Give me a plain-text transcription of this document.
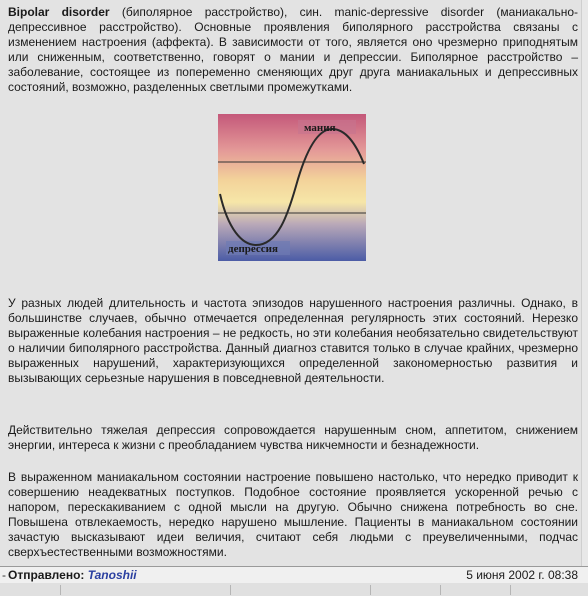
Bipolar disorder (биполярное расстройство), син. manic-depressive disorder (маниакально-депрессивное расстройство). Основные проявления биполярного расстройства связаны с изменением настроения (аффекта). В зависимости от того, является оно чрезмерно приподнятым или сниженным, соответственно, говорят о мании и депрессии. Биполярное расстройство – заболевание, состоящее из попеременно сменяющих друг друга маниакальных и депрессивных состояний, возможно, разделенных светлыми промежутками.

мания
депрессия

У разных людей длительность и частота эпизодов нарушенного настроения различны. Однако, в большинстве случаев, обычно отмечается определенная регулярность этих состояний. Нерезко выраженные колебания настроения – не редкость, но эти колебания необязательно свидетельствуют о наличии биполярного расстройства. Данный диагноз ставится только в случае крайних, чрезмерно выраженных нарушений, характеризующихся определенной закономерностью развития и вызывающих серьезные нарушения в повседневной деятельности.

Действительно тяжелая депрессия сопровождается нарушенным сном, аппетитом, снижением энергии, интереса к жизни с преобладанием чувства никчемности и безнадежности.

В выраженном маниакальном состоянии настроение повышено настолько, что нередко приводит к совершению неадекватных поступков. Подобное состояние проявляется ускоренной речью с напором, перескакиванием с одной мысли на другую. Обычно снижена потребность во сне. Повышена отвлекаемость, нередко нарушено мышление. Пациенты в маниакальном состоянии зачастую высказывают идеи величия, считают себя людьми с преувеличенными, подчас сверхъестественными возможностями.

- Отправлено: Tanoshii	5 июня 2002 г. 08:38
